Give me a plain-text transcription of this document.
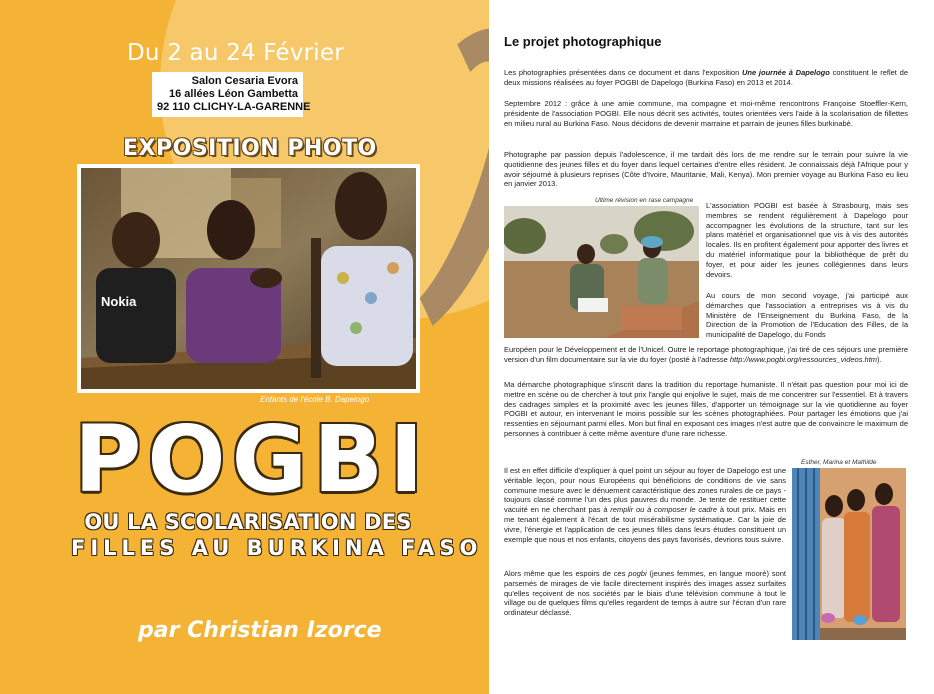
Du 2 au 24 Février
Salon Cesaria Evora
16 allées Léon Gambetta
92 110 CLICHY-LA-GARENNE
EXPOSITION PHOTO
Nokia
Enfants de l'école B. Dapelogo
POGBI
OU LA SCOLARISATION DES
FILLES AU BURKINA FASO
par Christian Izorce
Le projet photographique
Les photographies présentées dans ce document et dans l'exposition Une journée à Dapelogo constituent le reflet de deux missions réalisées au foyer POGBI de Dapelogo (Burkina Faso) en 2013 et 2014.
Septembre 2012 : grâce à une amie commune, ma compagne et moi-même rencontrons Françoise Stoeffler-Kern, présidente de l'association POGBI. Elle nous décrit ses activités, toutes orientées vers l'aide à la scolarisation de fillettes en milieu rural au Burkina Faso. Nous décidons de devenir marraine et parrain de jeunes filles burkinabè.
Photographe par passion depuis l'adolescence, il me tardait dès lors de me rendre sur le terrain pour suivre la vie quotidienne des jeunes filles et du foyer dans lequel certaines d'entre elles résident. Je connaissais déjà l'Afrique pour y avoir séjourné à plusieurs reprises (Côte d'Ivoire, Mauritanie, Mali, Kenya). Mon premier voyage au Burkina Faso eu lieu en janvier 2013.
Ultime révision en rase campagne
L'association POGBI est basée à Strasbourg, mais ses membres se rendent régulièrement à Dapelogo pour accompagner les évolutions de la structure, tant sur les plans matériel et organisationnel que vis à vis des autorités locales. Ils en profitent également pour apporter des livres et du matériel informatique pour la bibliothèque de prêt du foyer, et pour aider les jeunes collégiennes dans leurs devoirs.
Au cours de mon second voyage, j'ai participé aux démarches que l'association a entreprises vis à vis du Ministère de l'Enseignement du Burkina Faso, de la Direction de la Promotion de l'Education des Filles, de la municipalité de Dapelogo, du Fonds
Européen pour le Développement et de l'Unicef. Outre le reportage photographique, j'ai tiré de ces séjours une première version d'un film documentaire sur la vie du foyer (posté à l'adresse http://www.pogbi.org/ressources_videos.htm).
Ma démarche photographique s'inscrit dans la tradition du reportage humaniste. Il n'était pas question pour moi ici de mettre en scène ou de chercher à tout prix l'angle qui enjolive le sujet, mais de me concentrer sur l'essentiel. Et à travers des cadrages simples et la proximité avec les jeunes filles, d'apporter un témoignage sur la vie quotidienne au foyer POGBI et autour, en intervenant le moins possible sur les scènes photographiées. Pour partager les émotions que j'ai ressenties en séjournant parmi elles. Mon but final en exposant ces images n'est autre que de convaincre le maximum de personnes à contribuer à cette même aventure d'une rare richesse.
Esther, Marina et Mathilde
Il est en effet difficile d'expliquer à quel point un séjour au foyer de Dapelogo est une véritable leçon, pour nous Européens qui bénéficions de conditions de vie sans commune mesure avec le dénuement caractéristique des zones rurales de ce pays - toujours classé comme l'un des plus pauvres du monde. Je tente de restituer cette vacuité en ne cherchant pas à remplir ou à composer le cadre à tout prix. Mais en me tenant également à l'écart de tout misérabilisme systématique. Car la joie de vivre, l'énergie et l'application de ces jeunes filles dans leurs études constituent un exemple que nous et nos enfants, citoyens des pays favorisés, devrions tous suivre.
Alors même que les espoirs de ces pogbi (jeunes femmes, en langue mooré) sont parsemés de mirages de vie facile directement inspirés des images assez surfaites qu'elles reçoivent de nos sociétés par le biais d'une télévision commune à tout le village ou de quelques films qu'elles regardent de temps à autre sur l'écran d'un rare ordinateur déclassé.
